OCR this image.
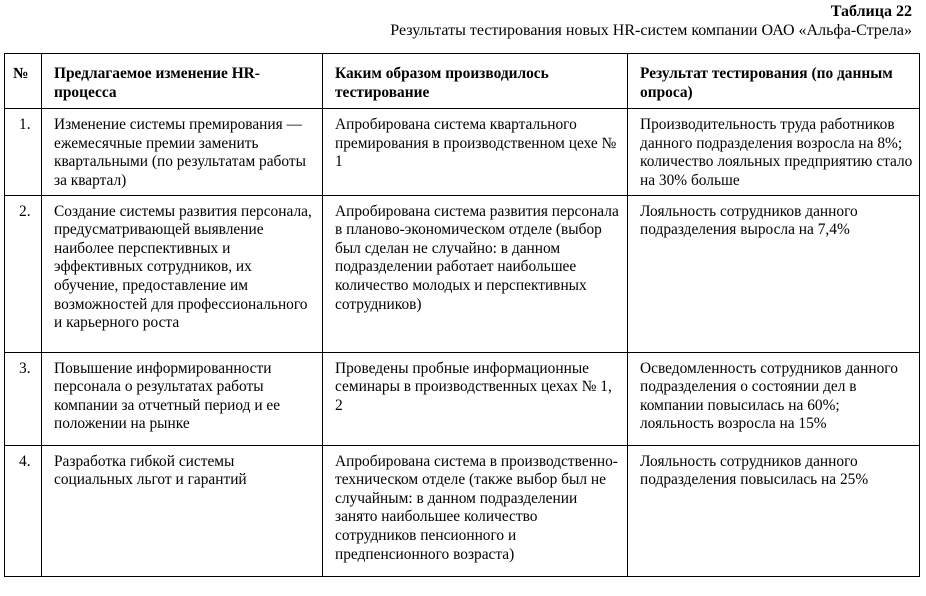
Таблица 22
Результаты тестирования новых HR-систем компании ОАО «Альфа-Стрела»
№	Предлагаемое изменение HR-процесса	Каким образом производилось тестирование	Результат тестирования (по данным опроса)

1.	Изменение системы премирования — ежемесячные премии заменить квартальными (по результатам работы за квартал)	Апробирована система квартального премирования в производственном цехе № 1	Производительность труда работников данного подразделения возросла на 8%; количество лояльных предприятию стало на 30% больше

2.	Создание системы развития персонала, предусматривающей выявление наиболее перспективных и эффективных сотрудников, их обучение, предоставление им возможностей для профессионального и карьерного роста	Апробирована система развития персонала в планово-экономическом отделе (выбор был сделан не случайно: в данном подразделении работает наибольшее количество молодых и перспективных сотрудников)	Лояльность сотрудников данного подразделения выросла на 7,4%

3.	Повышение информированности персонала о результатах работы компании за отчетный период и ее положении на рынке	Проведены пробные информационные семинары в производственных цехах № 1, 2	Осведомленность сотрудников данного подразделения о состоянии дел в компании повысилась на 60%; лояльность возросла на 15%

4.	Разработка гибкой системы социальных льгот и гарантий	Апробирована система в производственно-техническом отделе (также выбор был не случайным: в данном подразделении занято наибольшее количество сотрудников пенсионного и предпенсионного возраста)	Лояльность сотрудников данного подразделения повысилась на 25%
